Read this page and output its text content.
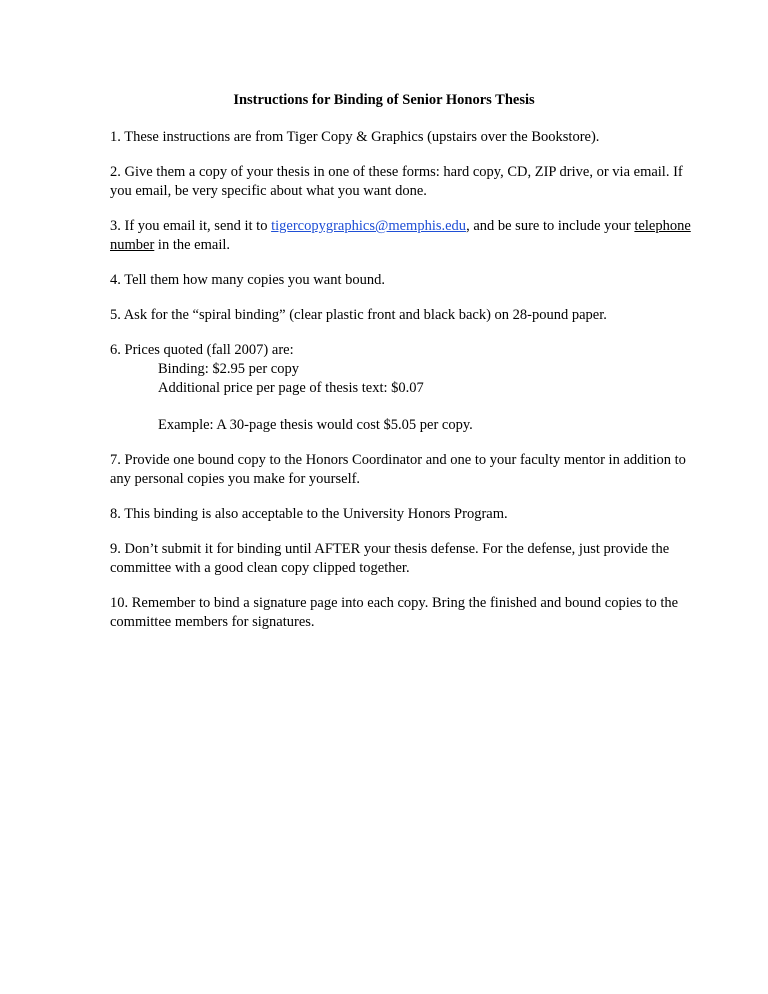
Instructions for Binding of Senior Honors Thesis

1. These instructions are from Tiger Copy & Graphics (upstairs over the Bookstore).

2. Give them a copy of your thesis in one of these forms: hard copy, CD, ZIP drive, or via email. If you email, be very specific about what you want done.

3. If you email it, send it to tigercopygraphics@memphis.edu, and be sure to include your telephone number in the email.

4. Tell them how many copies you want bound.

5. Ask for the “spiral binding” (clear plastic front and black back) on 28-pound paper.

6. Prices quoted (fall 2007) are:
Binding: $2.95 per copy
Additional price per page of thesis text: $0.07
Example: A 30-page thesis would cost $5.05 per copy.

7. Provide one bound copy to the Honors Coordinator and one to your faculty mentor in addition to any personal copies you make for yourself.

8. This binding is also acceptable to the University Honors Program.

9. Don’t submit it for binding until AFTER your thesis defense. For the defense, just provide the committee with a good clean copy clipped together.

10. Remember to bind a signature page into each copy. Bring the finished and bound copies to the committee members for signatures.
